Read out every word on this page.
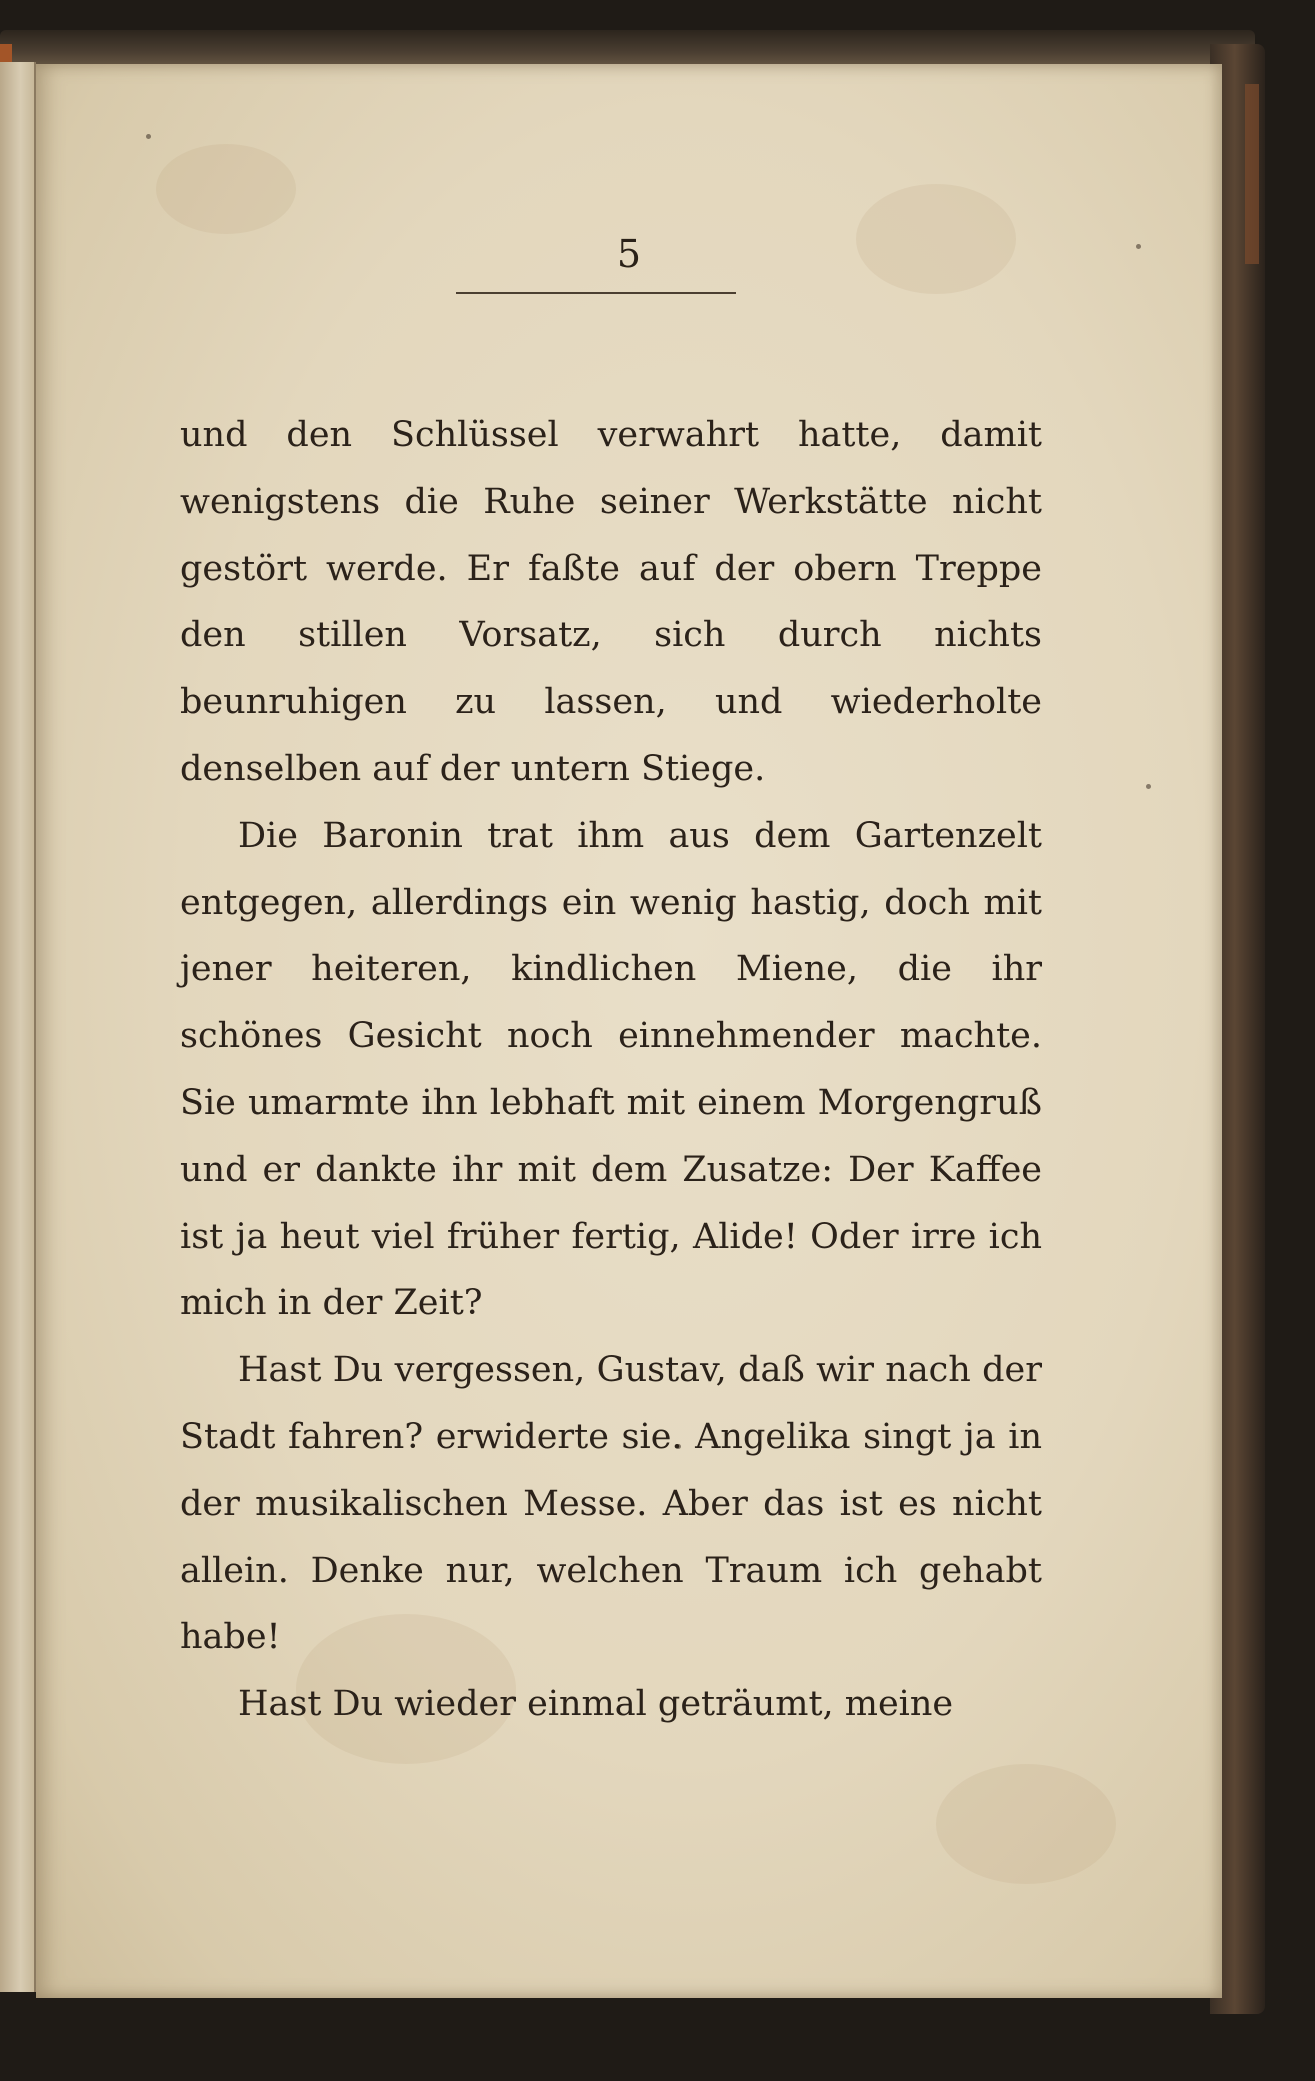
5

und den Schlüssel verwahrt hatte, damit wenigstens die Ruhe seiner Werkstätte nicht gestört werde. Er faßte auf der obern Treppe den stillen Vorsatz, sich durch nichts beunruhigen zu lassen, und wiederholte denselben auf der untern Stiege.

Die Baronin trat ihm aus dem Gartenzelt entgegen, allerdings ein wenig hastig, doch mit jener heiteren, kindlichen Miene, die ihr schönes Gesicht noch einnehmender machte. Sie umarmte ihn lebhaft mit einem Morgengruß und er dankte ihr mit dem Zusatze: Der Kaffee ist ja heut viel früher fertig, Alide! Oder irre ich mich in der Zeit?

Hast Du vergessen, Gustav, daß wir nach der Stadt fahren? erwiderte sie. Angelika singt ja in der musikalischen Messe. Aber das ist es nicht allein. Denke nur, welchen Traum ich gehabt habe!

Hast Du wieder einmal geträumt, meine
